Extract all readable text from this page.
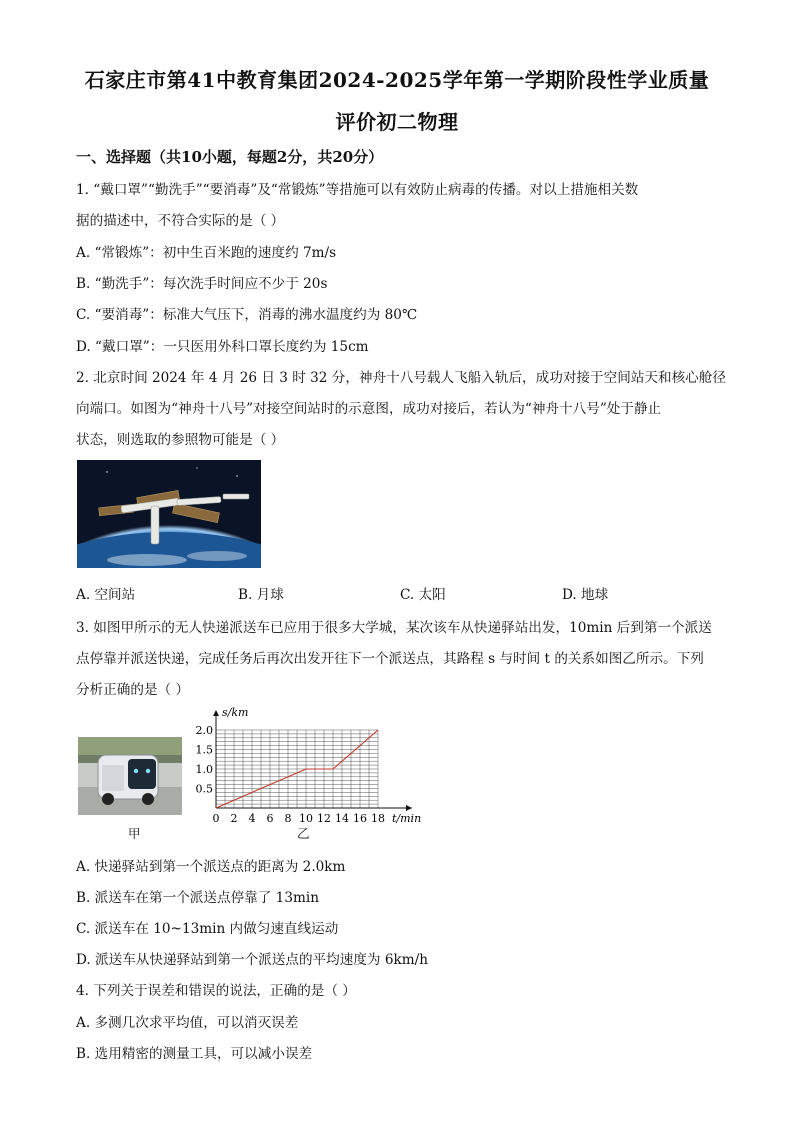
石家庄市第41中教育集团2024-2025学年第一学期阶段性学业质量
评价初二物理
一、选择题（共10小题，每题2分，共20分）
1. “戴口罩”“勤洗手”“要消毒”及“常锻炼”等措施可以有效防止病毒的传播。对以上措施相关数
据的描述中，不符合实际的是（ ）
A. “常锻炼”：初中生百米跑的速度约 7m/s
B. “勤洗手”：每次洗手时间应不少于 20s
C. “要消毒”：标准大气压下，消毒的沸水温度约为 80℃
D. “戴口罩”：一只医用外科口罩长度约为 15cm
2. 北京时间 2024 年 4 月 26 日 3 时 32 分，神舟十八号载人飞船入轨后，成功对接于空间站天和核心舱径
向端口。如图为“神舟十八号”对接空间站时的示意图，成功对接后，若认为“神舟十八号”处于静止
状态，则选取的参照物可能是（ ）
A. 空间站	B. 月球	C. 太阳	D. 地球
3. 如图甲所示的无人快递派送车已应用于很多大学城，某次该车从快递驿站出发，10min 后到第一个派送
点停靠并派送快递，完成任务后再次出发开往下一个派送点，其路程 s 与时间 t 的关系如图乙所示。下列
分析正确的是（ ）
甲
0 2 4 6 8 10 12 14 16 18
0.5
1.0
1.5
2.0
s/km
t/min
乙
A. 快递驿站到第一个派送点的距离为 2.0km
B. 派送车在第一个派送点停靠了 13min
C. 派送车在 10~13min 内做匀速直线运动
D. 派送车从快递驿站到第一个派送点的平均速度为 6km/h
4. 下列关于误差和错误的说法，正确的是（ ）
A. 多测几次求平均值，可以消灭误差
B. 选用精密的测量工具，可以减小误差
